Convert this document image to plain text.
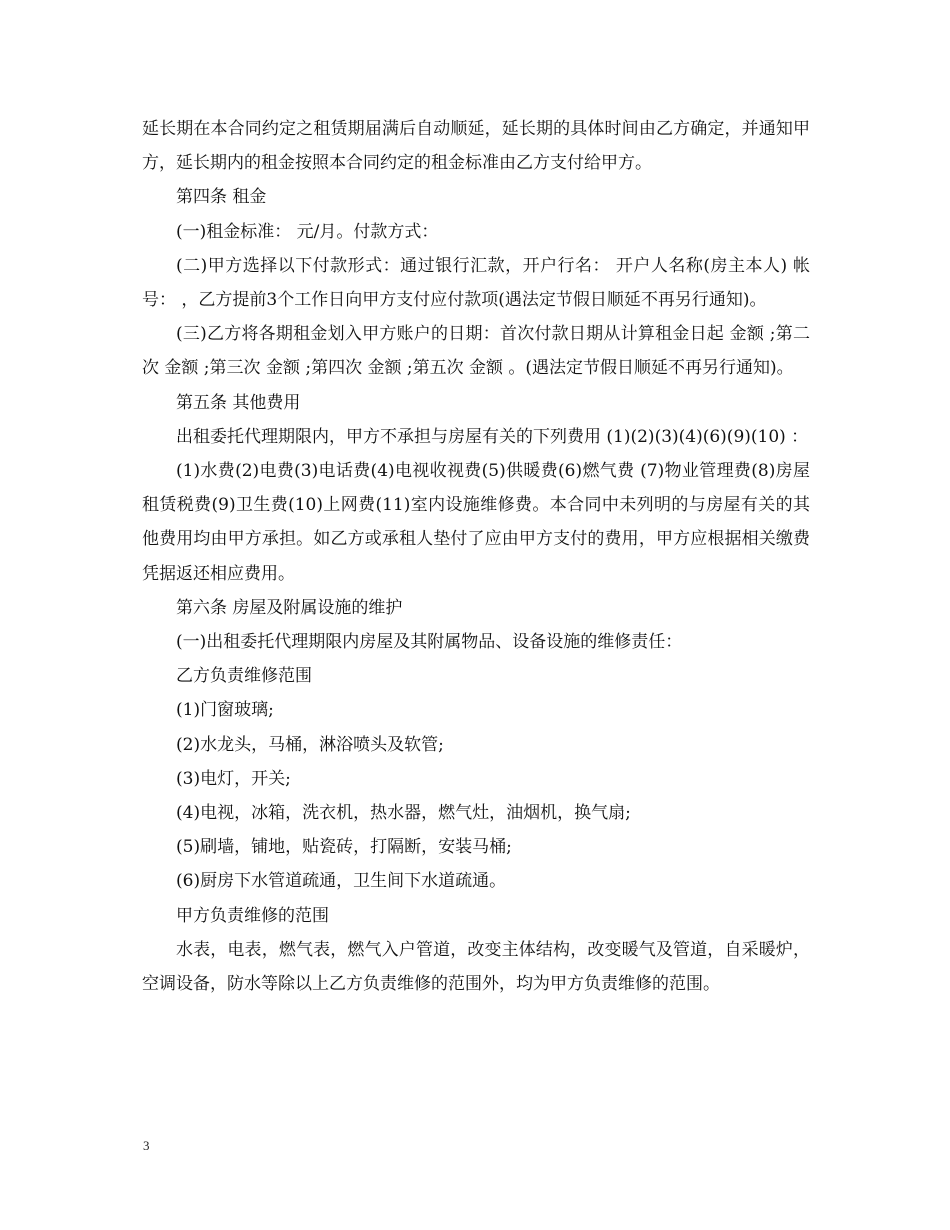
延长期在本合同约定之租赁期届满后自动顺延，延长期的具体时间由乙方确定，并通知甲方，延长期内的租金按照本合同约定的租金标准由乙方支付给甲方。

第四条 租金

(一)租金标准： 元/月。付款方式：

(二)甲方选择以下付款形式：通过银行汇款，开户行名： 开户人名称(房主本人) 帐号： ，乙方提前3个工作日向甲方支付应付款项(遇法定节假日顺延不再另行通知)。

(三)乙方将各期租金划入甲方账户的日期：首次付款日期从计算租金日起 金额 ;第二次 金额 ;第三次 金额 ;第四次 金额 ;第五次 金额 。(遇法定节假日顺延不再另行通知)。

第五条 其他费用

出租委托代理期限内，甲方不承担与房屋有关的下列费用 (1)(2)(3)(4)(6)(9)(10) ：

(1)水费(2)电费(3)电话费(4)电视收视费(5)供暖费(6)燃气费 (7)物业管理费(8)房屋租赁税费(9)卫生费(10)上网费(11)室内设施维修费。本合同中未列明的与房屋有关的其他费用均由甲方承担。如乙方或承租人垫付了应由甲方支付的费用，甲方应根据相关缴费凭据返还相应费用。

第六条 房屋及附属设施的维护

(一)出租委托代理期限内房屋及其附属物品、设备设施的维修责任：

乙方负责维修范围

(1)门窗玻璃;

(2)水龙头，马桶，淋浴喷头及软管;

(3)电灯，开关;

(4)电视，冰箱，洗衣机，热水器，燃气灶，油烟机，换气扇;

(5)刷墙，铺地，贴瓷砖，打隔断，安装马桶;

(6)厨房下水管道疏通，卫生间下水道疏通。

甲方负责维修的范围

水表，电表，燃气表，燃气入户管道，改变主体结构，改变暖气及管道，自采暖炉，空调设备，防水等除以上乙方负责维修的范围外，均为甲方负责维修的范围。

3
